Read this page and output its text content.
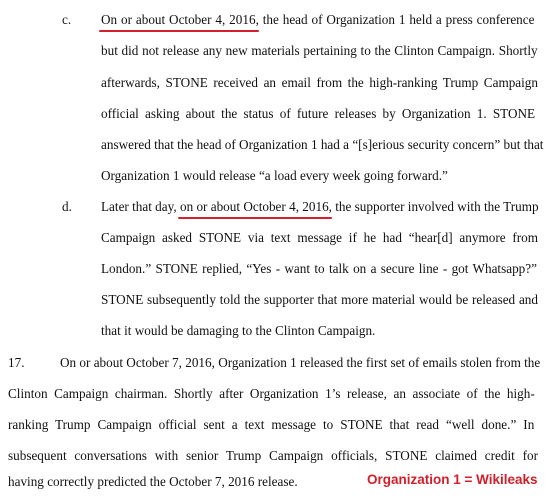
c. On or about October 4, 2016, the head of Organization 1 held a press conference
but did not release any new materials pertaining to the Clinton Campaign. Shortly
afterwards, STONE received an email from the high-ranking Trump Campaign
official asking about the status of future releases by Organization 1. STONE
answered that the head of Organization 1 had a “[s]erious security concern” but that
Organization 1 would release “a load every week going forward.”
d. Later that day, on or about October 4, 2016, the supporter involved with the Trump
Campaign asked STONE via text message if he had “hear[d] anymore from
London.” STONE replied, “Yes - want to talk on a secure line - got Whatsapp?”
STONE subsequently told the supporter that more material would be released and
that it would be damaging to the Clinton Campaign.
17.	On or about October 7, 2016, Organization 1 released the first set of emails stolen from the
Clinton Campaign chairman. Shortly after Organization 1’s release, an associate of the high-
ranking Trump Campaign official sent a text message to STONE that read “well done.” In
subsequent conversations with senior Trump Campaign officials, STONE claimed credit for
having correctly predicted the October 7, 2016 release.	Organization 1 = Wikileaks
